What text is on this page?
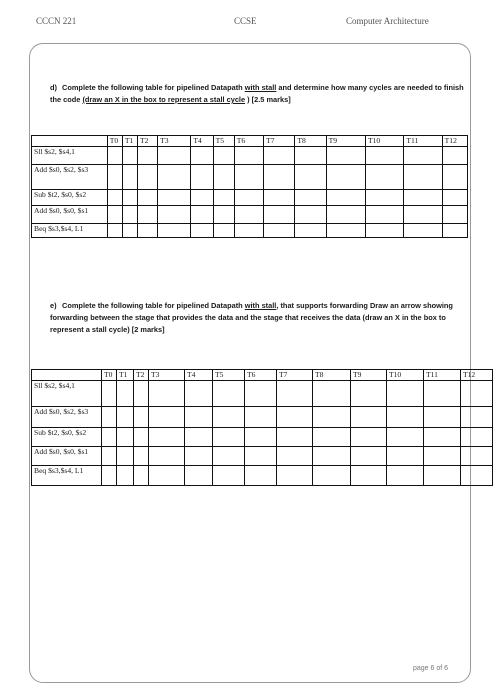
CCCN 221	CCSE	Computer Architecture
d) Complete the following table for pipelined Datapath with stall and determine how many cycles are needed to finish the code (draw an X in the box to represent a stall cycle ) [2.5 marks]
	T0	T1	T2	T3	T4	T5	T6	T7	T8	T9	T10	T11	T12
Sll $s2, $s4,1													
Add $s0, $s2, $s3													
Sub $t2, $s0, $s2													
Add $s0, $s0, $s1													
Beq $s3,$s4, L1													
e) Complete the following table for pipelined Datapath with stall, that supports forwarding Draw an arrow showing forwarding between the stage that provides the data and the stage that receives the data (draw an X in the box to represent a stall cycle) [2 marks]
	T0	T1	T2	T3	T4	T5	T6	T7	T8	T9	T10	T11	T12
Sll $s2, $s4,1													
Add $s0, $s2, $s3													
Sub $t2, $s0, $s2													
Add $s0, $s0, $s1													
Beq $s3,$s4, L1													
page 6 of 6
